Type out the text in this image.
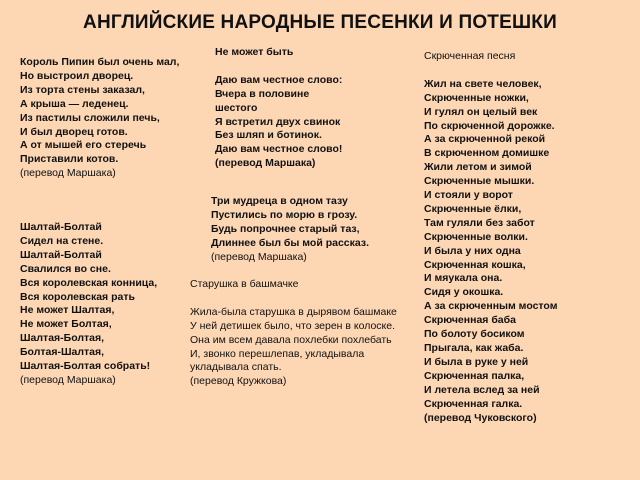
АНГЛИЙСКИЕ НАРОДНЫЕ ПЕСЕНКИ И ПОТЕШКИ
Король Пипин был очень мал,
Но выстроил дворец.
Из торта стены заказал,
А крыша — леденец.
Из пастилы сложили печь,
И был дворец готов.
А от мышей его стеречь
Приставили котов.
(перевод Маршака)
Не может быть
Даю вам честное слово:
Вчера в половине
шестого
Я встретил двух свинок
Без шляп и ботинок.
Даю вам честное слово!
(перевод Маршака)
Скрюченная песня
Жил на свете человек,
Скрюченные ножки,
И гулял он целый век
По скрюченной дорожке.
А за скрюченной рекой
В скрюченном домишке
Жили летом и зимой
Скрюченные мышки.
И стояли у ворот
Скрюченные ёлки,
Там гуляли без забот
Скрюченные волки.
И была у них одна
Скрюченная кошка,
И мяукала она.
Сидя у окошка.
А за скрюченным мостом
Скрюченная баба
По болоту босиком
Прыгала, как жаба.
И была в руке у ней
Скрюченная палка,
И летела вслед за ней
Скрюченная галка.
(перевод Чуковского)
Три мудреца в одном тазу
Пустились по морю в грозу.
Будь попрочнее старый таз,
Длиннее был бы мой рассказ.
(перевод Маршака)
Шалтай-Болтай
Сидел на стене.
Шалтай-Болтай
Свалился во сне.
Вся королевская конница,
Вся королевская рать
Не может Шалтая,
Не может Болтая,
Шалтая-Болтая,
Болтая-Шалтая,
Шалтая-Болтая собрать!
(перевод Маршака)
Старушка в башмачке
Жила-была старушка в дырявом башмаке
У ней детишек было, что зерен в колоске.
Она им всем давала похлебки похлебать
И, звонко перешлепав, укладывала
укладывала спать.
(перевод Кружкова)
